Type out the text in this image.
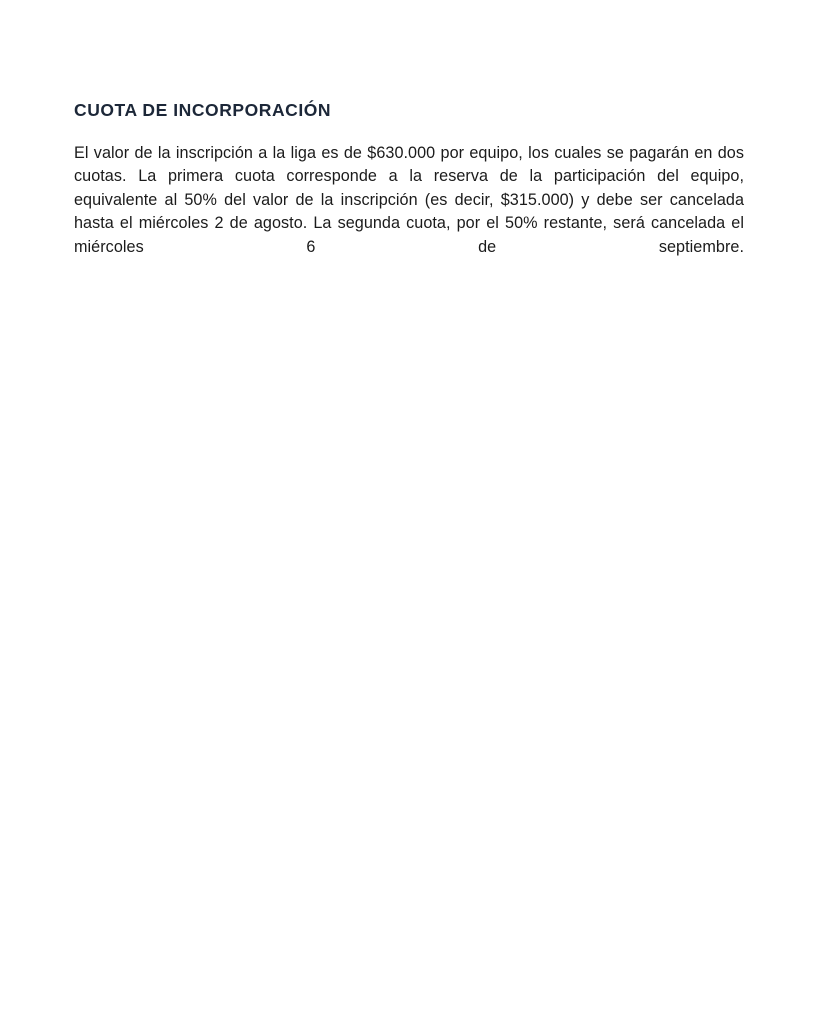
CUOTA DE INCORPORACIÓN

El valor de la inscripción a la liga es de $630.000 por equipo, los cuales se pagarán en dos cuotas. La primera cuota corresponde a la reserva de la participación del equipo, equivalente al 50% del valor de la inscripción (es decir, $315.000) y debe ser cancelada hasta el miércoles 2 de agosto. La segunda cuota, por el 50% restante, será cancelada el miércoles 6 de septiembre.
